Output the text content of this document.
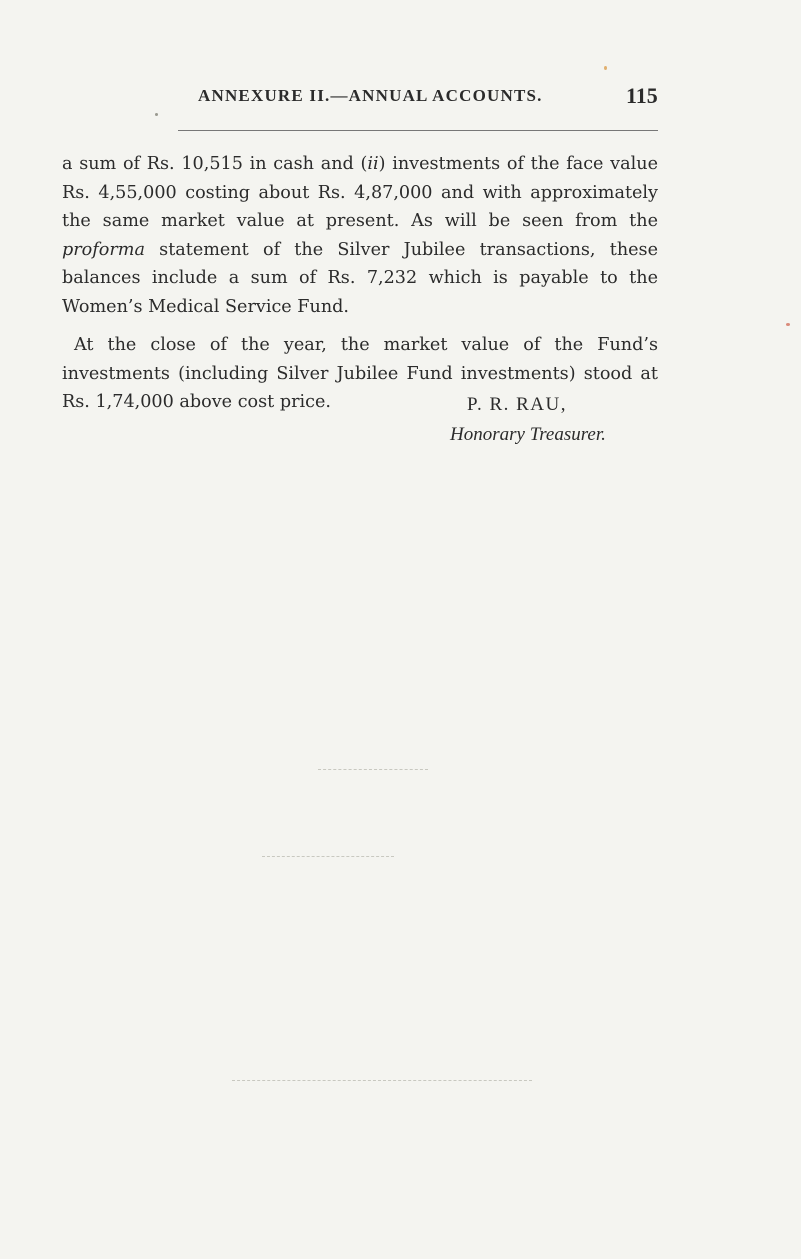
ANNEXURE II.—ANNUAL ACCOUNTS.	115

a sum of Rs. 10,515 in cash and (ii) investments of the face value Rs. 4,55,000 costing about Rs. 4,87,000 and with approximately the same market value at present. As will be seen from the proforma statement of the Silver Jubilee transactions, these balances include a sum of Rs. 7,232 which is payable to the Women’s Medical Service Fund.

At the close of the year, the market value of the Fund’s investments (including Silver Jubilee Fund investments) stood at Rs. 1,74,000 above cost price.	P. R. RAU,
Honorary Treasurer.
